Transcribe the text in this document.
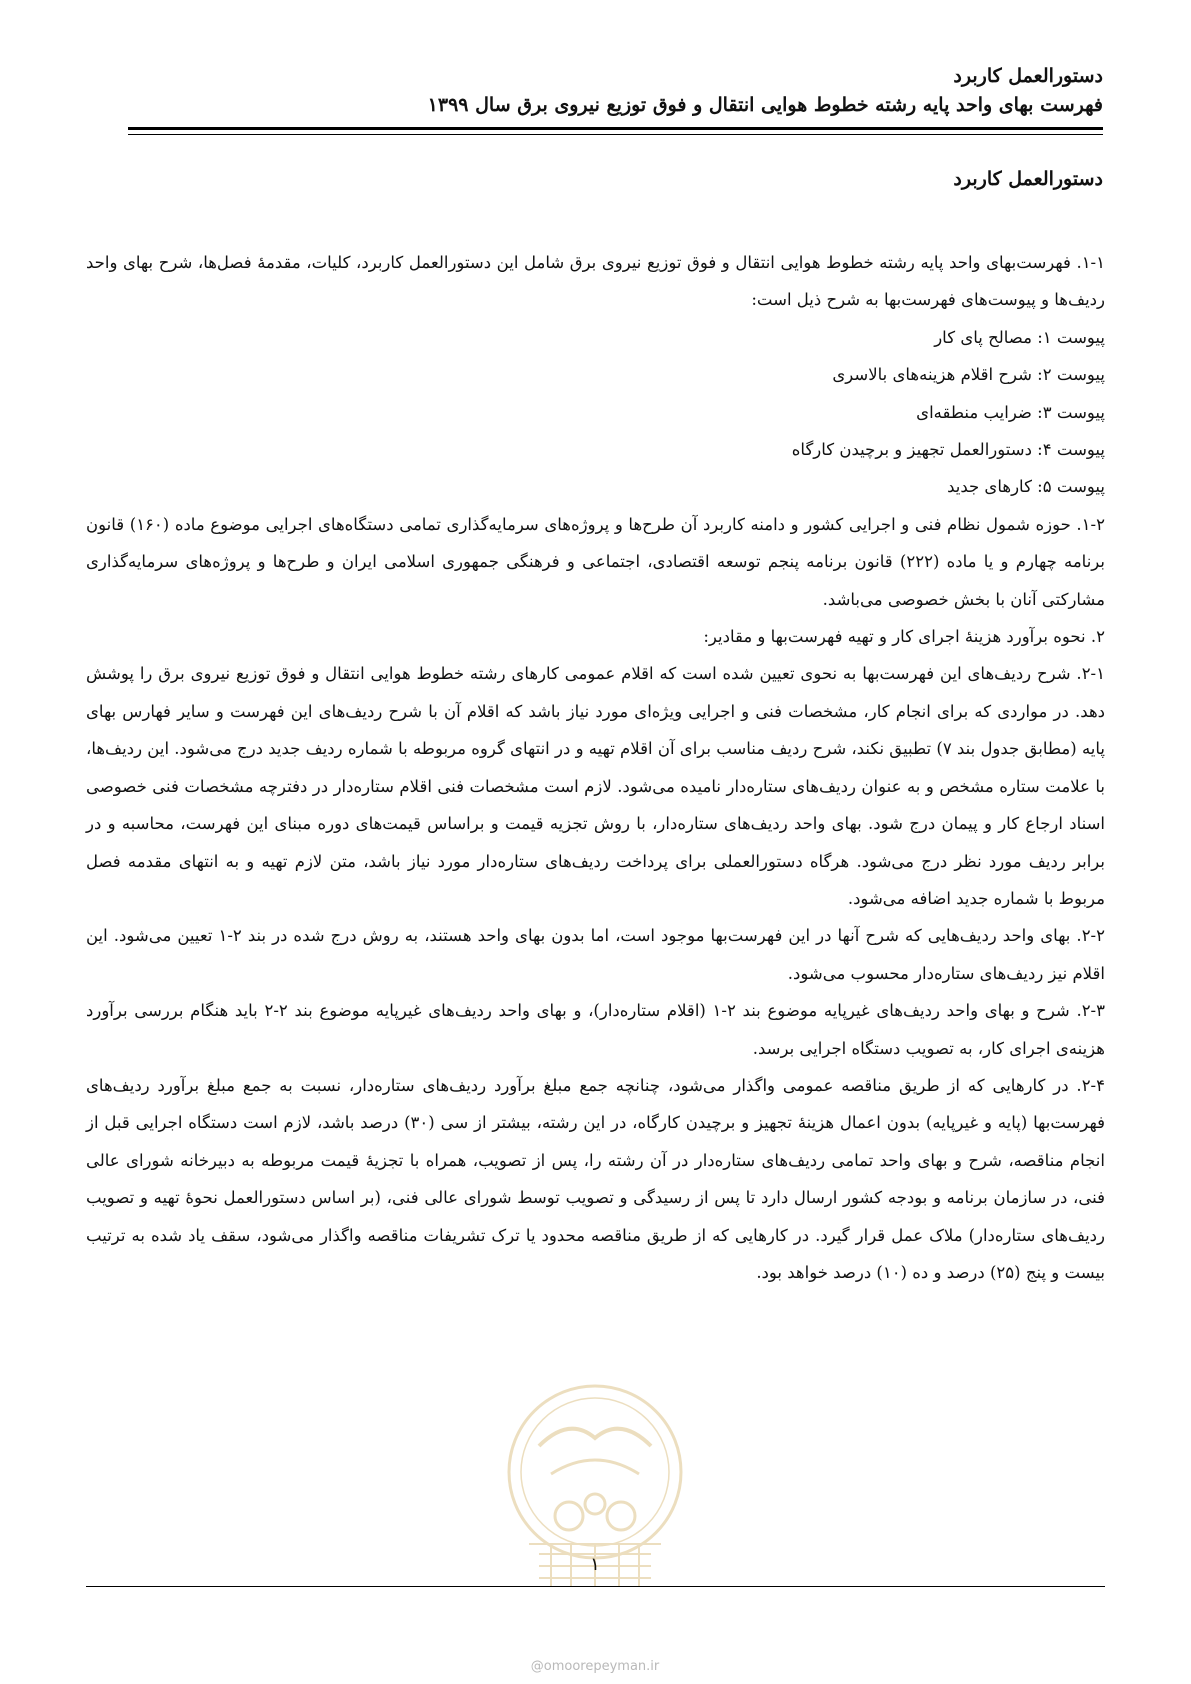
دستورالعمل کاربرد
فهرست بهای واحد پایه رشته خطوط هوایی انتقال و فوق توزیع نیروی برق سال ۱۳۹۹
دستورالعمل کاربرد

۱-۱. فهرست‌بهای واحد پایه رشته خطوط هوایی انتقال و فوق توزیع نیروی برق شامل این دستورالعمل کاربرد، کلیات، مقدمهٔ فصل‌ها، شرح بهای واحد ردیف‌ها و پیوست‌های فهرست‌بها به شرح ذیل است:

پیوست ۱: مصالح پای کار

پیوست ۲: شرح اقلام هزینه‌های بالاسری

پیوست ۳: ضرایب منطقه‌ای

پیوست ۴: دستورالعمل تجهیز و برچیدن کارگاه

پیوست ۵: کارهای جدید

۱-۲. حوزه شمول نظام فنی و اجرایی کشور و دامنه کاربرد آن طرح‌ها و پروژه‌های سرمایه‌گذاری تمامی دستگاه‌های اجرایی موضوع ماده (۱۶۰) قانون برنامه چهارم و یا ماده (۲۲۲) قانون برنامه پنجم توسعه اقتصادی، اجتماعی و فرهنگی جمهوری اسلامی ایران و طرح‌ها و پروژه‌های سرمایه‌گذاری مشارکتی آنان با بخش خصوصی می‌باشد.

۲. نحوه برآورد هزینهٔ اجرای کار و تهیه فهرست‌بها و مقادیر:

۲-۱. شرح ردیف‌های این فهرست‌بها به نحوی تعیین شده است که اقلام عمومی کارهای رشته خطوط هوایی انتقال و فوق توزیع نیروی برق را پوشش دهد. در مواردی که برای انجام کار، مشخصات فنی و اجرایی ویژه‌ای مورد نیاز باشد که اقلام آن با شرح ردیف‌های این فهرست و سایر فهارس بهای پایه (مطابق جدول بند ۷) تطبیق نکند، شرح ردیف مناسب برای آن اقلام تهیه و در انتهای گروه مربوطه با شماره ردیف جدید درج می‌شود. این ردیف‌ها، با علامت ستاره مشخص و به عنوان ردیف‌های ستاره‌دار نامیده می‌شود. لازم است مشخصات فنی اقلام ستاره‌دار در دفترچه مشخصات فنی خصوصی اسناد ارجاع کار و پیمان درج شود. بهای واحد ردیف‌های ستاره‌دار، با روش تجزیه قیمت و براساس قیمت‌های دوره مبنای این فهرست، محاسبه و در برابر ردیف مورد نظر درج می‌شود. هرگاه دستورالعملی برای پرداخت ردیف‌های ستاره‌دار مورد نیاز باشد، متن لازم تهیه و به انتهای مقدمه فصل مربوط با شماره جدید اضافه می‌شود.

۲-۲. بهای واحد ردیف‌هایی که شرح آنها در این فهرست‌بها موجود است، اما بدون بهای واحد هستند، به روش درج شده در بند ۲-۱ تعیین می‌شود. این اقلام نیز ردیف‌های ستاره‌دار محسوب می‌شود.

۲-۳. شرح و بهای واحد ردیف‌های غیرپایه موضوع بند ۲-۱ (اقلام ستاره‌دار)، و بهای واحد ردیف‌های غیرپایه موضوع بند ۲-۲ باید هنگام بررسی برآورد هزینه‌ی اجرای کار، به تصویب دستگاه اجرایی برسد.

۲-۴. در کارهایی که از طریق مناقصه عمومی واگذار می‌شود، چنانچه جمع مبلغ برآورد ردیف‌های ستاره‌دار، نسبت به جمع مبلغ برآورد ردیف‌های فهرست‌بها (پایه و غیرپایه) بدون اعمال هزینهٔ تجهیز و برچیدن کارگاه، در این رشته، بیشتر از سی (۳۰) درصد باشد، لازم است دستگاه اجرایی قبل از انجام مناقصه، شرح و بهای واحد تمامی ردیف‌های ستاره‌دار در آن رشته را، پس از تصویب، همراه با تجزیهٔ قیمت مربوطه به دبیرخانه شورای عالی فنی، در سازمان برنامه و بودجه کشور ارسال دارد تا پس از رسیدگی و تصویب توسط شورای عالی فنی، (بر اساس دستورالعمل نحوهٔ تهیه و تصویب ردیف‌های ستاره‌دار) ملاک عمل قرار گیرد. در کارهایی که از طریق مناقصه محدود یا ترک تشریفات مناقصه واگذار می‌شود، سقف یاد شده به ترتیب بیست و پنج (۲۵) درصد و ده (۱۰) درصد خواهد بود.

۱
@omoorepeyman.ir
